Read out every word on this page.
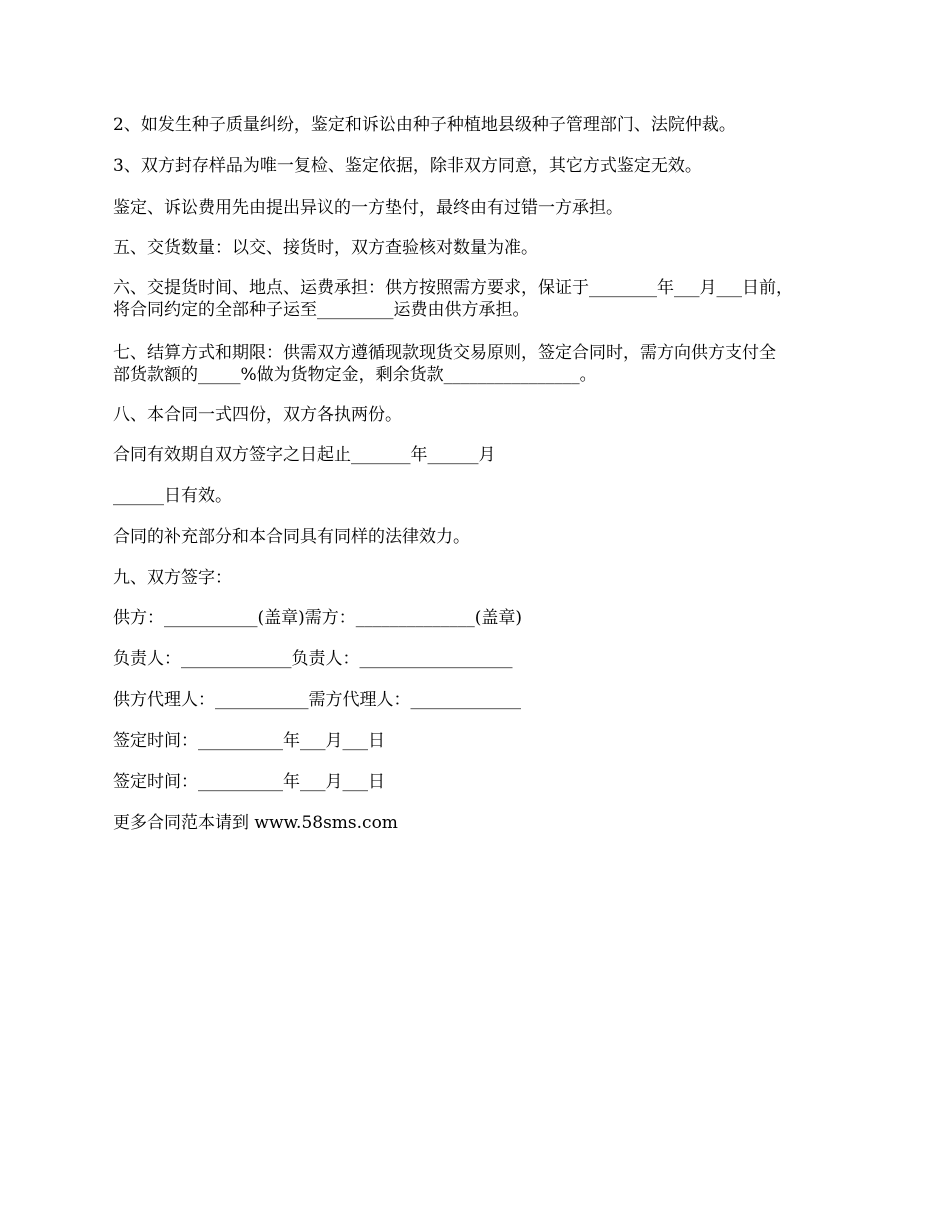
2、如发生种子质量纠纷，鉴定和诉讼由种子种植地县级种子管理部门、法院仲裁。
3、双方封存样品为唯一复检、鉴定依据，除非双方同意，其它方式鉴定无效。
鉴定、诉讼费用先由提出异议的一方垫付，最终由有过错一方承担。
五、交货数量：以交、接货时，双方查验核对数量为准。
六、交提货时间、地点、运费承担：供方按照需方要求，保证于________年___月___日前，
将合同约定的全部种子运至_________运费由供方承担。
七、结算方式和期限：供需双方遵循现款现货交易原则，签定合同时，需方向供方支付全
部货款额的_____%做为货物定金，剩余货款________________。
八、本合同一式四份，双方各执两份。
合同有效期自双方签字之日起止_______年______月
______日有效。
合同的补充部分和本合同具有同样的法律效力。
九、双方签字：
供方：___________(盖章)需方：______________(盖章)
负责人：_____________负责人：__________________
供方代理人：___________需方代理人：_____________
签定时间：__________年___月___日
签定时间：__________年___月___日
更多合同范本请到 www.58sms.com
